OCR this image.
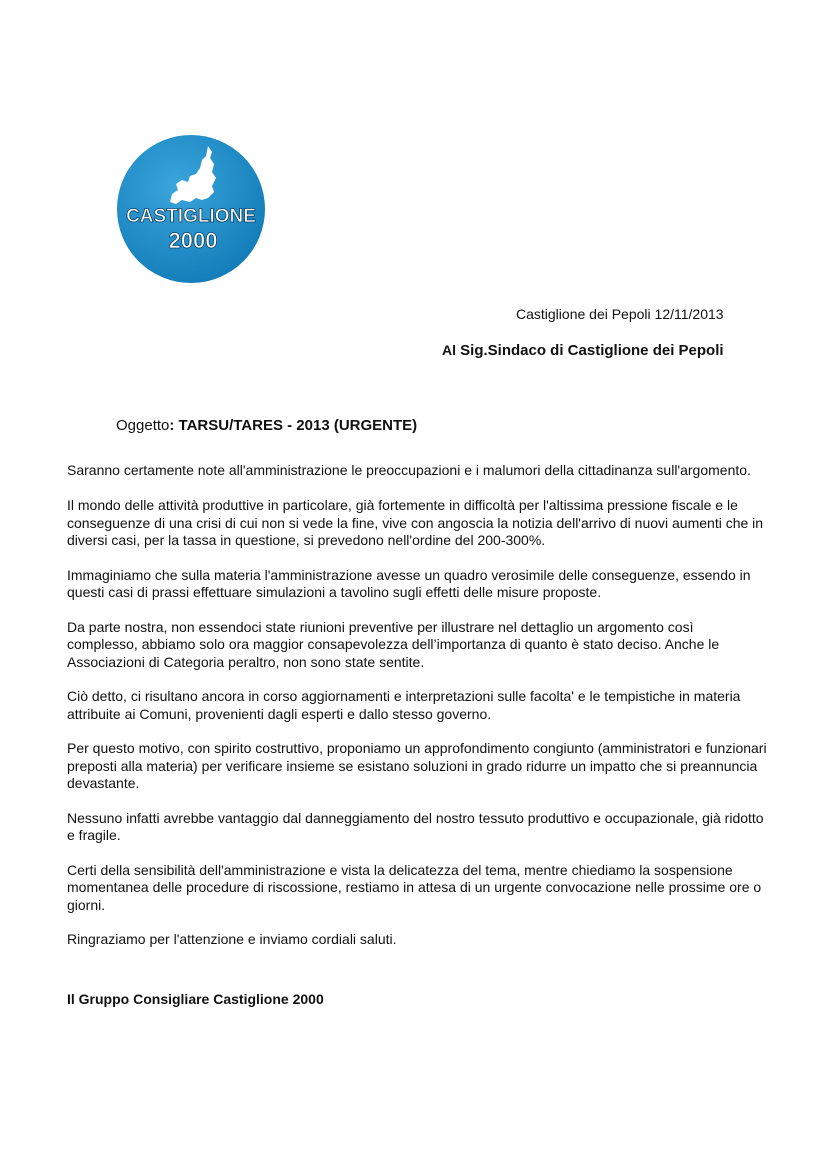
CASTIGLIONE
2000
Castiglione dei Pepoli 12/11/2013
Al Sig.Sindaco di Castiglione dei Pepoli
Oggetto: TARSU/TARES - 2013 (URGENTE)

Saranno certamente note all'amministrazione le preoccupazioni e i malumori della cittadinanza sull'argomento.

Il mondo delle attività produttive in particolare, già fortemente in difficoltà per l'altissima pressione fiscale e le conseguenze di una crisi di cui non si vede la fine, vive con angoscia la notizia dell'arrivo di nuovi aumenti che in diversi casi, per la tassa in questione, si prevedono nell'ordine del 200-300%.

Immaginiamo che sulla materia l'amministrazione avesse un quadro verosimile delle conseguenze, essendo in questi casi di prassi effettuare simulazioni a tavolino sugli effetti delle misure proposte.

Da parte nostra, non essendoci state riunioni preventive per illustrare nel dettaglio un argomento così complesso, abbiamo solo ora maggior consapevolezza dell’importanza di quanto è stato deciso. Anche le Associazioni di Categoria peraltro, non sono state sentite.

Ciò detto, ci risultano ancora in corso aggiornamenti e interpretazioni sulle facolta' e le tempistiche in materia attribuite ai Comuni, provenienti dagli esperti e dallo stesso governo.

Per questo motivo, con spirito costruttivo, proponiamo un approfondimento congiunto (amministratori e funzionari preposti alla materia) per verificare insieme se esistano soluzioni in grado ridurre un impatto che si preannuncia devastante.

Nessuno infatti avrebbe vantaggio dal danneggiamento del nostro tessuto produttivo e occupazionale, già ridotto e fragile.

Certi della sensibilità dell'amministrazione e vista la delicatezza del tema, mentre chiediamo la sospensione momentanea delle procedure di riscossione, restiamo in attesa di un urgente convocazione nelle prossime ore o giorni.

Ringraziamo per l'attenzione e inviamo cordiali saluti.

Il Gruppo Consigliare Castiglione 2000
